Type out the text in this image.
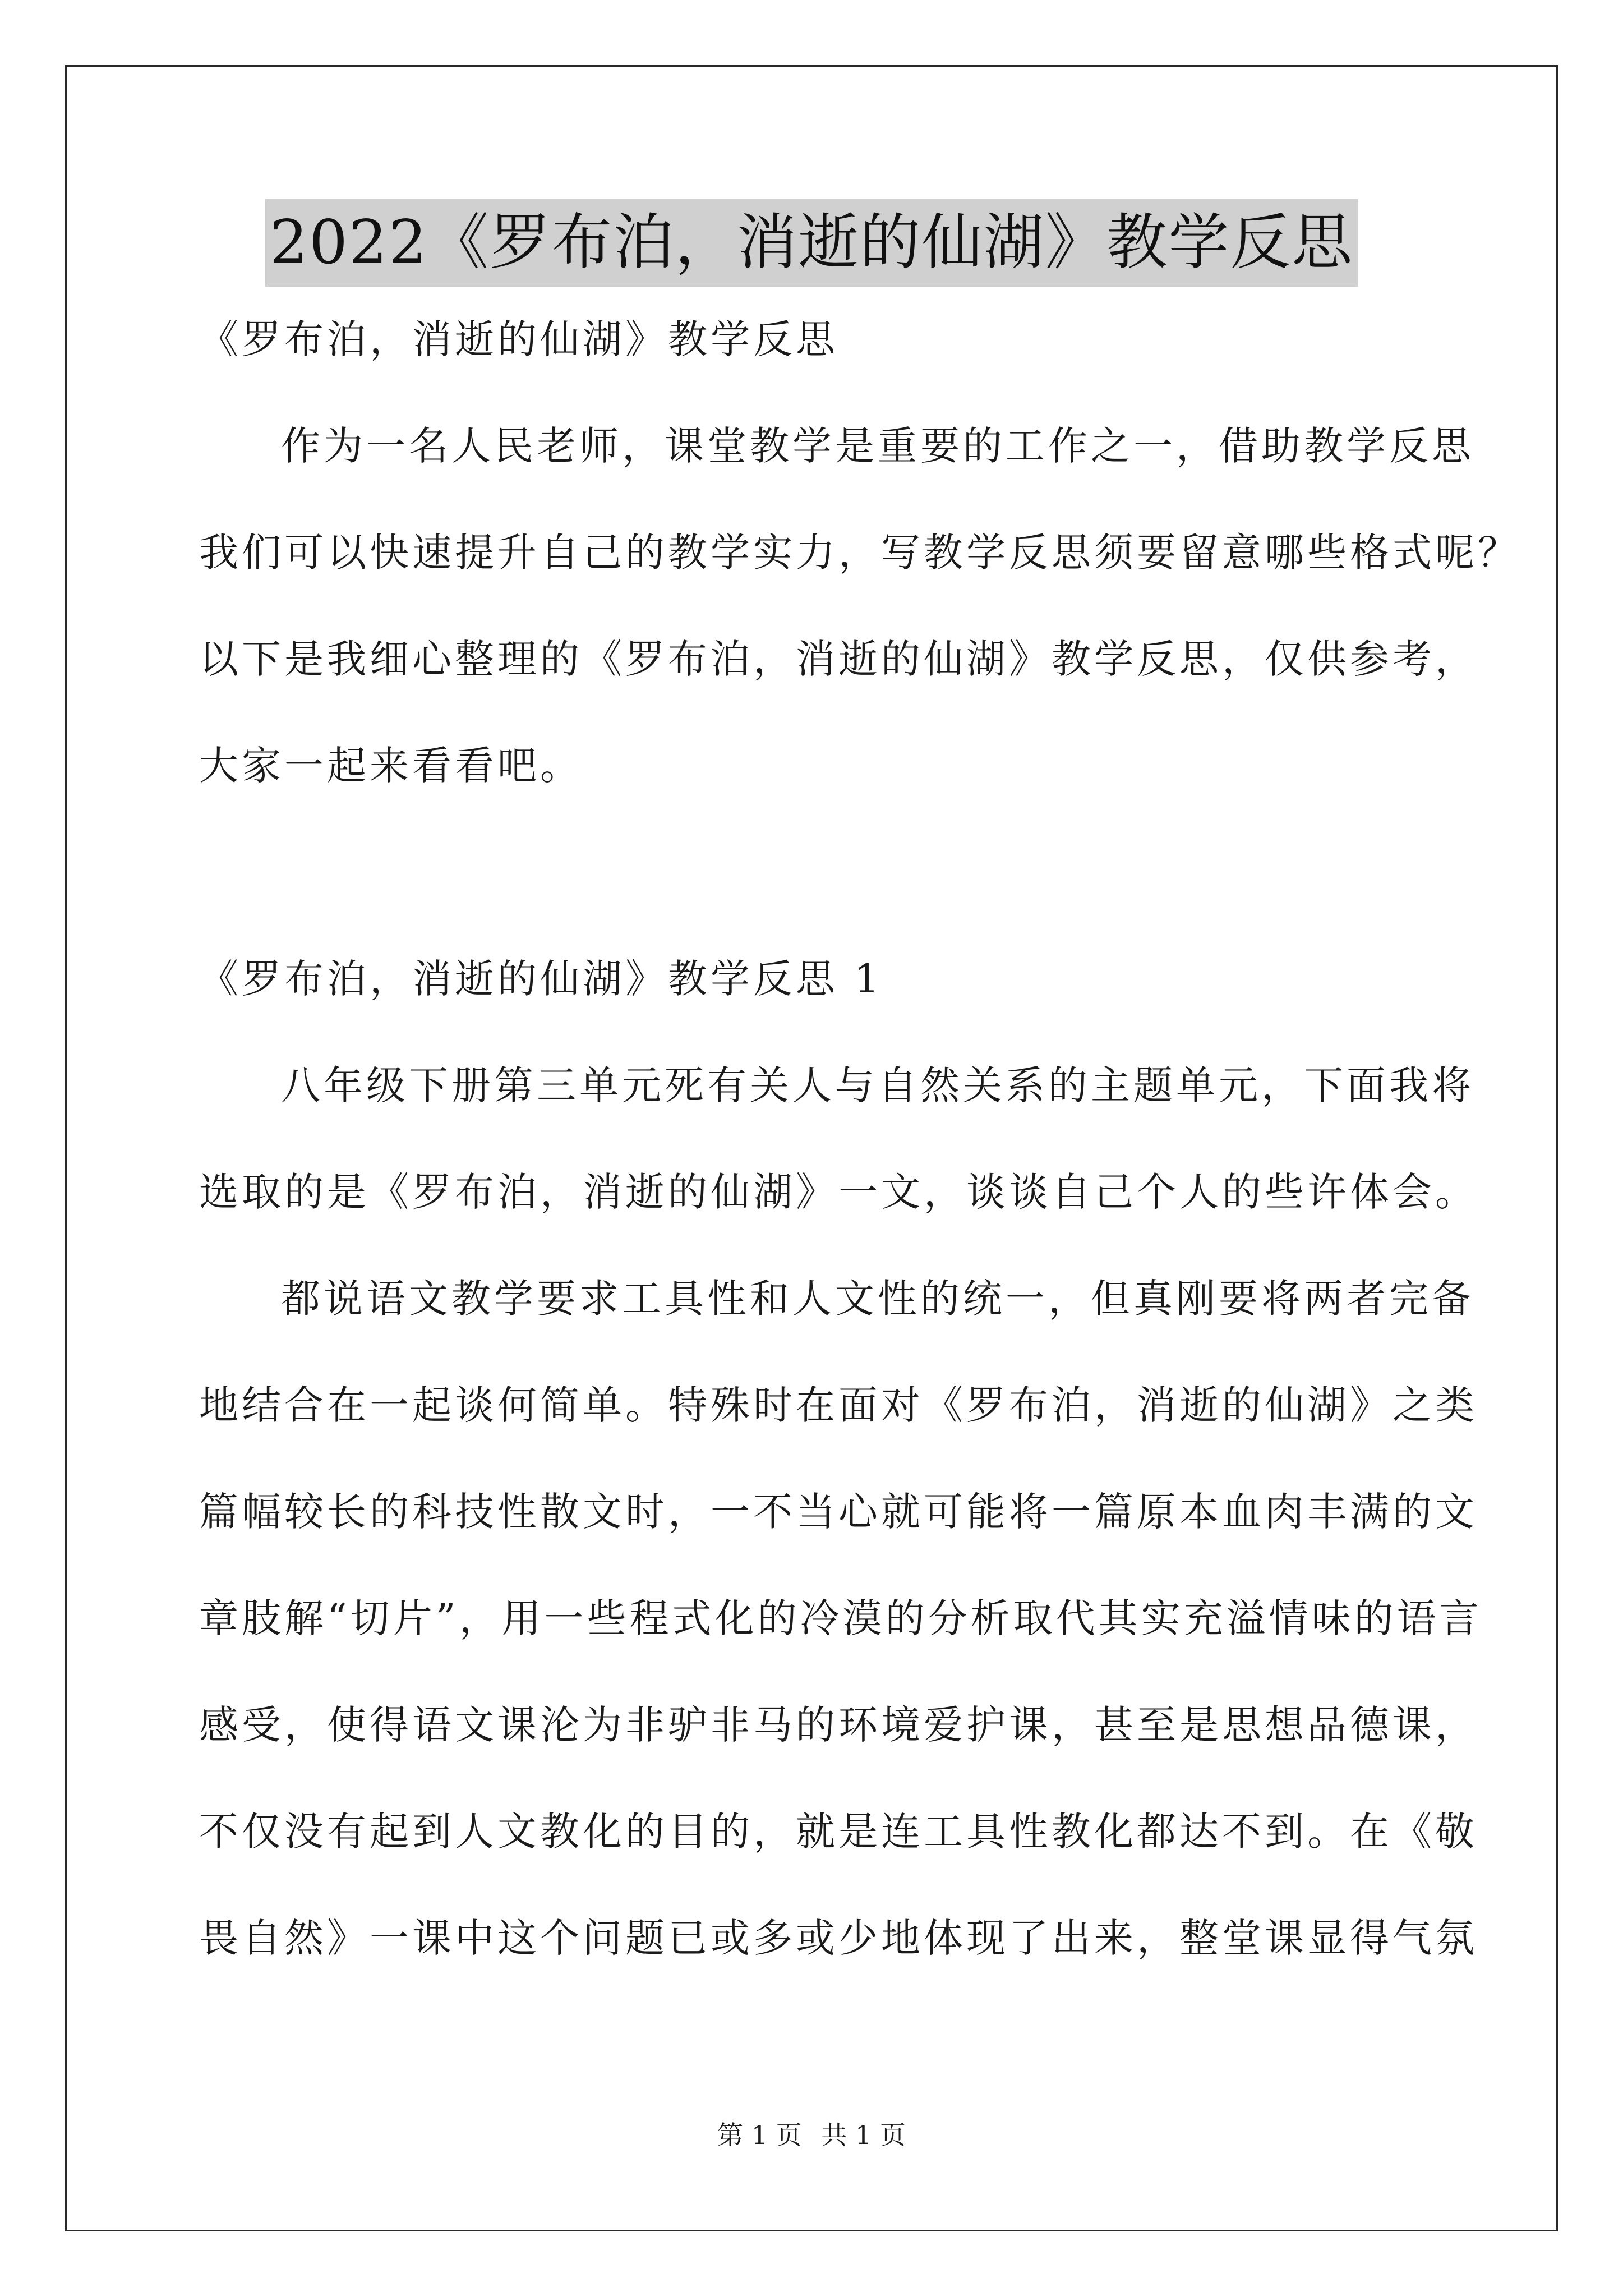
2022《罗布泊，消逝的仙湖》教学反思
《罗布泊，消逝的仙湖》教学反思
作为一名人民老师，课堂教学是重要的工作之一，借助教学反思
我们可以快速提升自己的教学实力，写教学反思须要留意哪些格式呢？
以下是我细心整理的《罗布泊，消逝的仙湖》教学反思，仅供参考，
大家一起来看看吧。
《罗布泊，消逝的仙湖》教学反思 1
八年级下册第三单元死有关人与自然关系的主题单元，下面我将
选取的是《罗布泊，消逝的仙湖》一文，谈谈自己个人的些许体会。
都说语文教学要求工具性和人文性的统一，但真刚要将两者完备
地结合在一起谈何简单。特殊时在面对《罗布泊，消逝的仙湖》之类
篇幅较长的科技性散文时，一不当心就可能将一篇原本血肉丰满的文
章肢解“切片”，用一些程式化的冷漠的分析取代其实充溢情味的语言
感受，使得语文课沦为非驴非马的环境爱护课，甚至是思想品德课，
不仅没有起到人文教化的目的，就是连工具性教化都达不到。在《敬
畏自然》一课中这个问题已或多或少地体现了出来，整堂课显得气氛
第 1 页 共 1 页
